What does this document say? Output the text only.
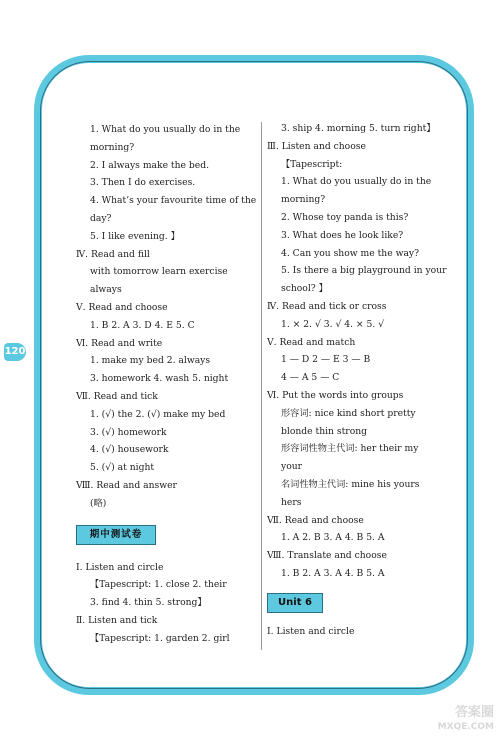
120
1. What do you usually do in the
morning?
2. I always make the bed.
3. Then I do exercises.
4. What’s your favourite time of the
day?
5. I like evening. 】
Ⅳ. Read and fill
with tomorrow learn exercise
always
Ⅴ. Read and choose
1. B 2. A 3. D 4. E 5. C
Ⅵ. Read and write
1. make my bed 2. always
3. homework 4. wash 5. night
Ⅶ. Read and tick
1. (√) the 2. (√) make my bed
3. (√) homework
4. (√) housework
5. (√) at night
Ⅷ. Read and answer
(略)
期中测试卷
Ⅰ. Listen and circle
【Tapescript: 1. close 2. their
3. find 4. thin 5. strong】
Ⅱ. Listen and tick
【Tapescript: 1. garden 2. girl
3. ship 4. morning 5. turn right】
Ⅲ. Listen and choose
【Tapescript:
1. What do you usually do in the
morning?
2. Whose toy panda is this?
3. What does he look like?
4. Can you show me the way?
5. Is there a big playground in your
school? 】
Ⅳ. Read and tick or cross
1. × 2. √ 3. √ 4. × 5. √
Ⅴ. Read and match
1 — D 2 — E 3 — B
4 — A 5 — C
Ⅵ. Put the words into groups
形容词: nice kind short pretty
blonde thin strong
形容词性物主代词: her their my
your
名词性物主代词: mine his yours
hers
Ⅶ. Read and choose
1. A 2. B 3. A 4. B 5. A
Ⅷ. Translate and choose
1. B 2. A 3. A 4. B 5. A
Unit 6
Ⅰ. Listen and circle
答案圈
MXQE.COM
